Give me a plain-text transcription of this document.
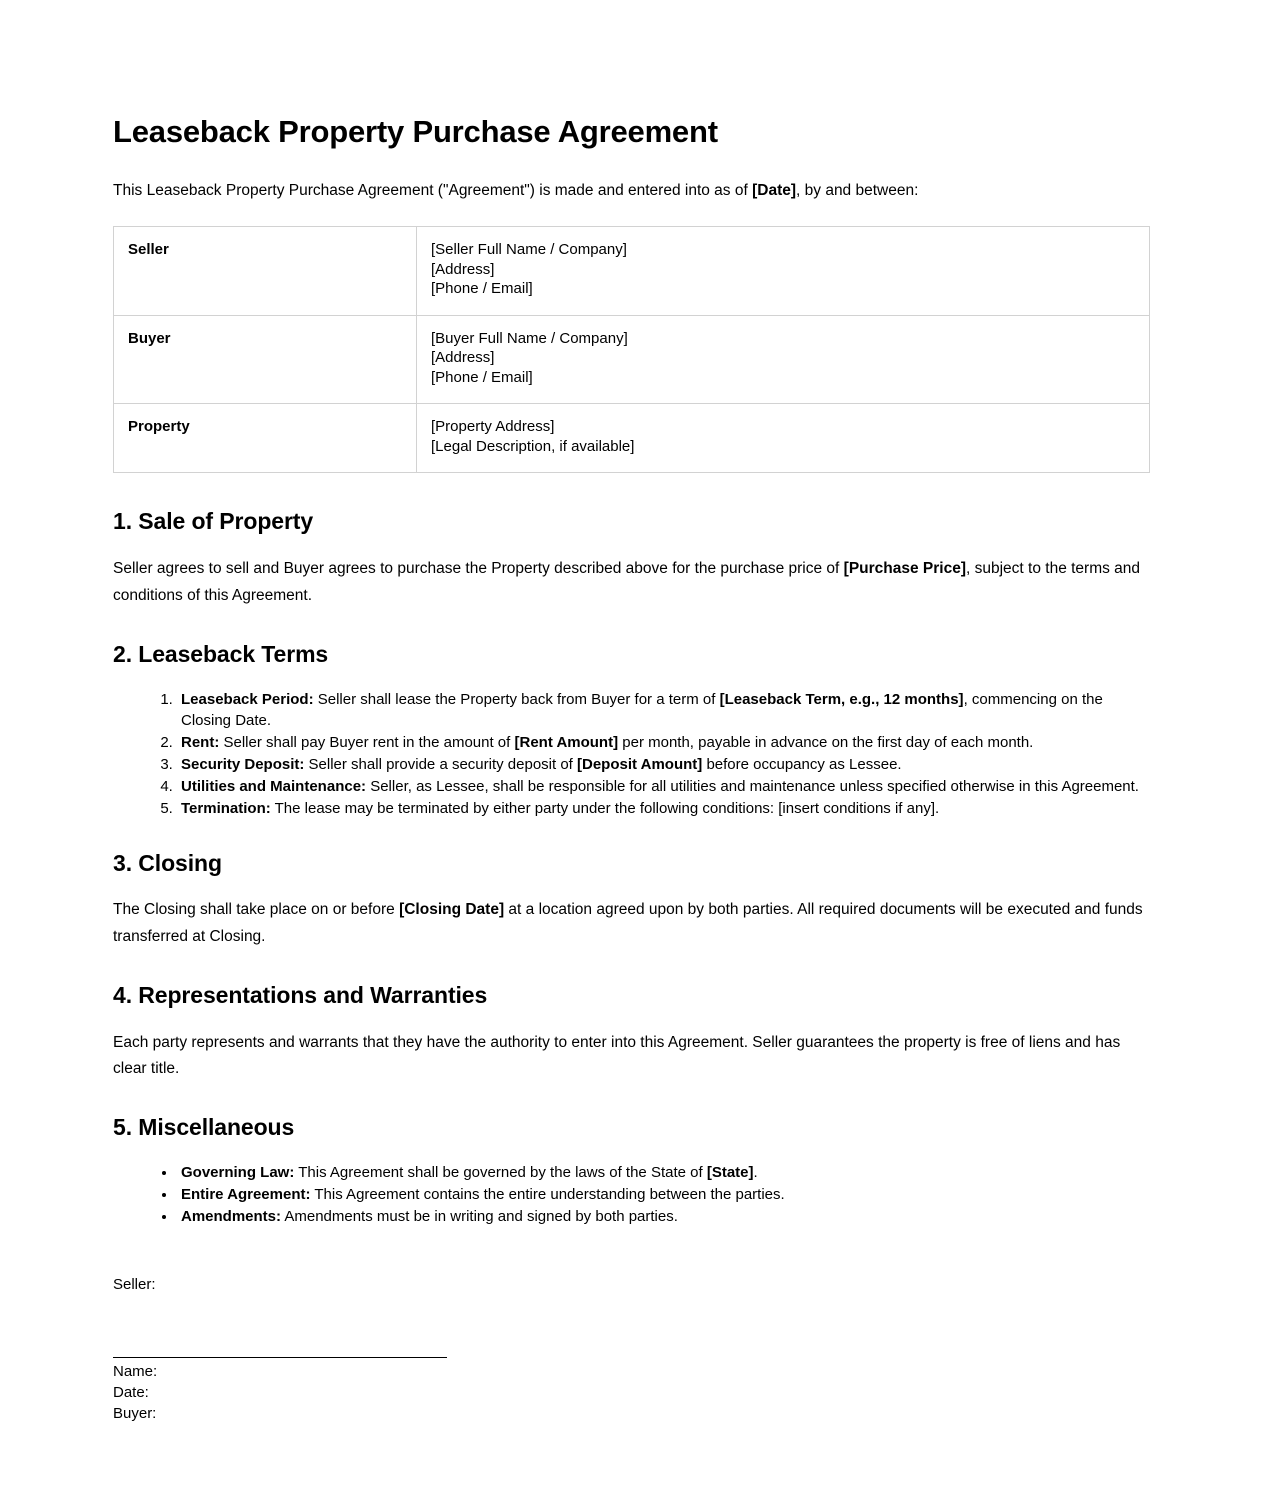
Leaseback Property Purchase Agreement

This Leaseback Property Purchase Agreement ("Agreement") is made and entered into as of [Date], by and between:

Seller	[Seller Full Name / Company]
[Address]
[Phone / Email]

Buyer	[Buyer Full Name / Company]
[Address]
[Phone / Email]

Property	[Property Address]
[Legal Description, if available]
1. Sale of Property

Seller agrees to sell and Buyer agrees to purchase the Property described above for the purchase price of [Purchase Price], subject to the terms and conditions of this Agreement.

2. Leaseback Terms
1. Leaseback Period: Seller shall lease the Property back from Buyer for a term of [Leaseback Term, e.g., 12 months], commencing on the Closing Date.
2. Rent: Seller shall pay Buyer rent in the amount of [Rent Amount] per month, payable in advance on the first day of each month.
3. Security Deposit: Seller shall provide a security deposit of [Deposit Amount] before occupancy as Lessee.
4. Utilities and Maintenance: Seller, as Lessee, shall be responsible for all utilities and maintenance unless specified otherwise in this Agreement.
5. Termination: The lease may be terminated by either party under the following conditions: [insert conditions if any].
3. Closing

The Closing shall take place on or before [Closing Date] at a location agreed upon by both parties. All required documents will be executed and funds transferred at Closing.

4. Representations and Warranties

Each party represents and warrants that they have the authority to enter into this Agreement. Seller guarantees the property is free of liens and has clear title.

5. Miscellaneous
• Governing Law: This Agreement shall be governed by the laws of the State of [State].
• Entire Agreement: This Agreement contains the entire understanding between the parties.
• Amendments: Amendments must be in writing and signed by both parties.

Seller:

Name:

Date:

Buyer:
